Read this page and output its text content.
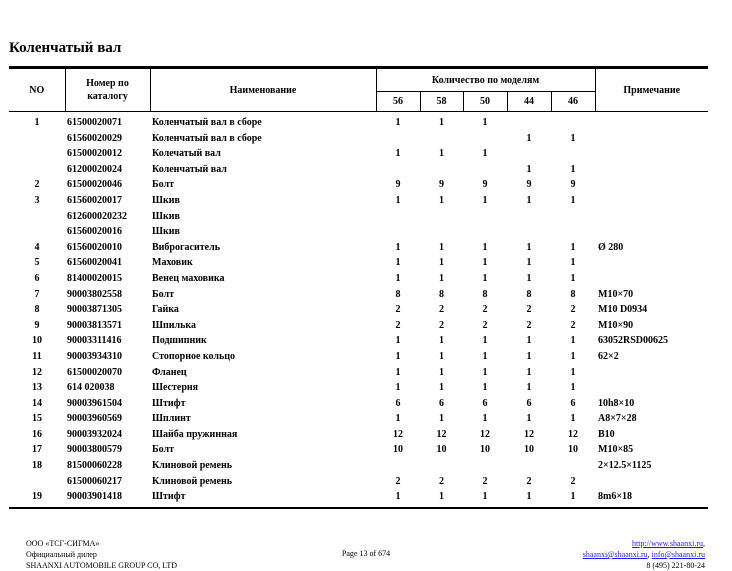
Коленчатый вал
NO	Номер по каталогу	Наименование	Количество по моделям					Примечание
			56	58	50	44	46	
1	61500020071	Коленчатый вал в сборе	1	1	1			
	61560020029	Коленчатый вал в сборе				1	1	
	61500020012	Колечатый вал	1	1	1			
	61200020024	Коленчатый вал				1	1	
2	61500020046	Болт	9	9	9	9	9	
3	61560020017	Шкив	1	1	1	1	1	
	612600020232	Шкив						
	61560020016	Шкив						
4	61560020010	Виброгаситель	1	1	1	1	1	Ø 280
5	61560020041	Маховик	1	1	1	1	1	
6	81400020015	Венец маховика	1	1	1	1	1	
7	90003802558	Болт	8	8	8	8	8	M10×70
8	90003871305	Гайка	2	2	2	2	2	M10 D0934
9	90003813571	Шпилька	2	2	2	2	2	M10×90
10	90003311416	Подшипник	1	1	1	1	1	63052RSD00625
11	90003934310	Стопорное кольцо	1	1	1	1	1	62×2
12	61500020070	Фланец	1	1	1	1	1	
13	614 020038	Шестерня	1	1	1	1	1	
14	90003961504	Штифт	6	6	6	6	6	10h8×10
15	90003960569	Шплинт	1	1	1	1	1	A8×7×28
16	90003932024	Шайба пружинная	12	12	12	12	12	B10
17	90003800579	Болт	10	10	10	10	10	M10×85
18	81500060228	Клиновой ремень						2×12.5×1125
	61500060217	Клиновой ремень	2	2	2	2	2	
19	90003901418	Штифт	1	1	1	1	1	8m6×18
ООО «ТСГ-СИГМА»
Официальный дилер
SHAANXI AUTOMOBILE GROUP CO, LTD
Page 13 of 674
http://www.shaanxi.ru,
shaanxi@shaanxi.ru, info@shaanxi.ru
8 (495) 221-80-24
